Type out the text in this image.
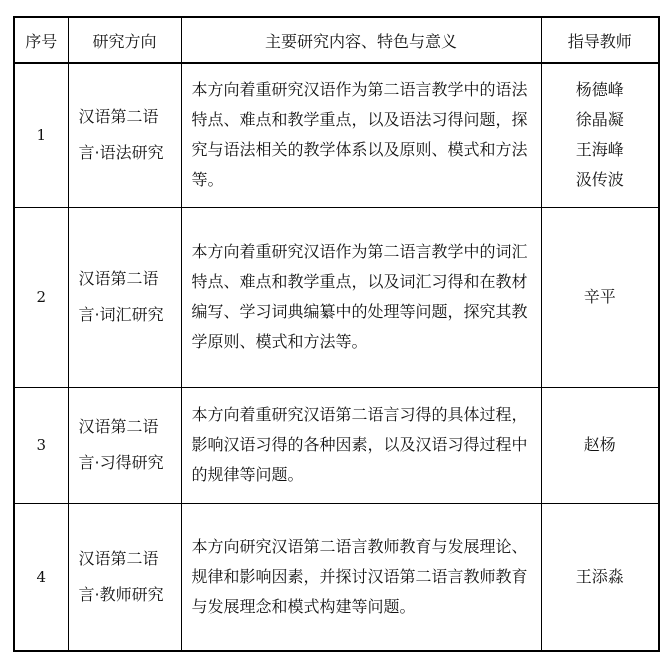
序号	研究方向	主要研究内容、特色与意义	指导教师
1	汉语第二语言·语法研究	本方向着重研究汉语作为第二语言教学中的语法特点、难点和教学重点，以及语法习得问题，探究与语法相关的教学体系以及原则、模式和方法等。	杨德峰
徐晶凝
王海峰
汲传波

2	汉语第二语言·词汇研究	本方向着重研究汉语作为第二语言教学中的词汇特点、难点和教学重点，以及词汇习得和在教材编写、学习词典编纂中的处理等问题，探究其教学原则、模式和方法等。	辛平

3	汉语第二语言·习得研究	本方向着重研究汉语第二语言习得的具体过程，影响汉语习得的各种因素，以及汉语习得过程中的规律等问题。	赵杨

4	汉语第二语言·教师研究	本方向研究汉语第二语言教师教育与发展理论、规律和影响因素，并探讨汉语第二语言教师教育与发展理念和模式构建等问题。	王添淼
